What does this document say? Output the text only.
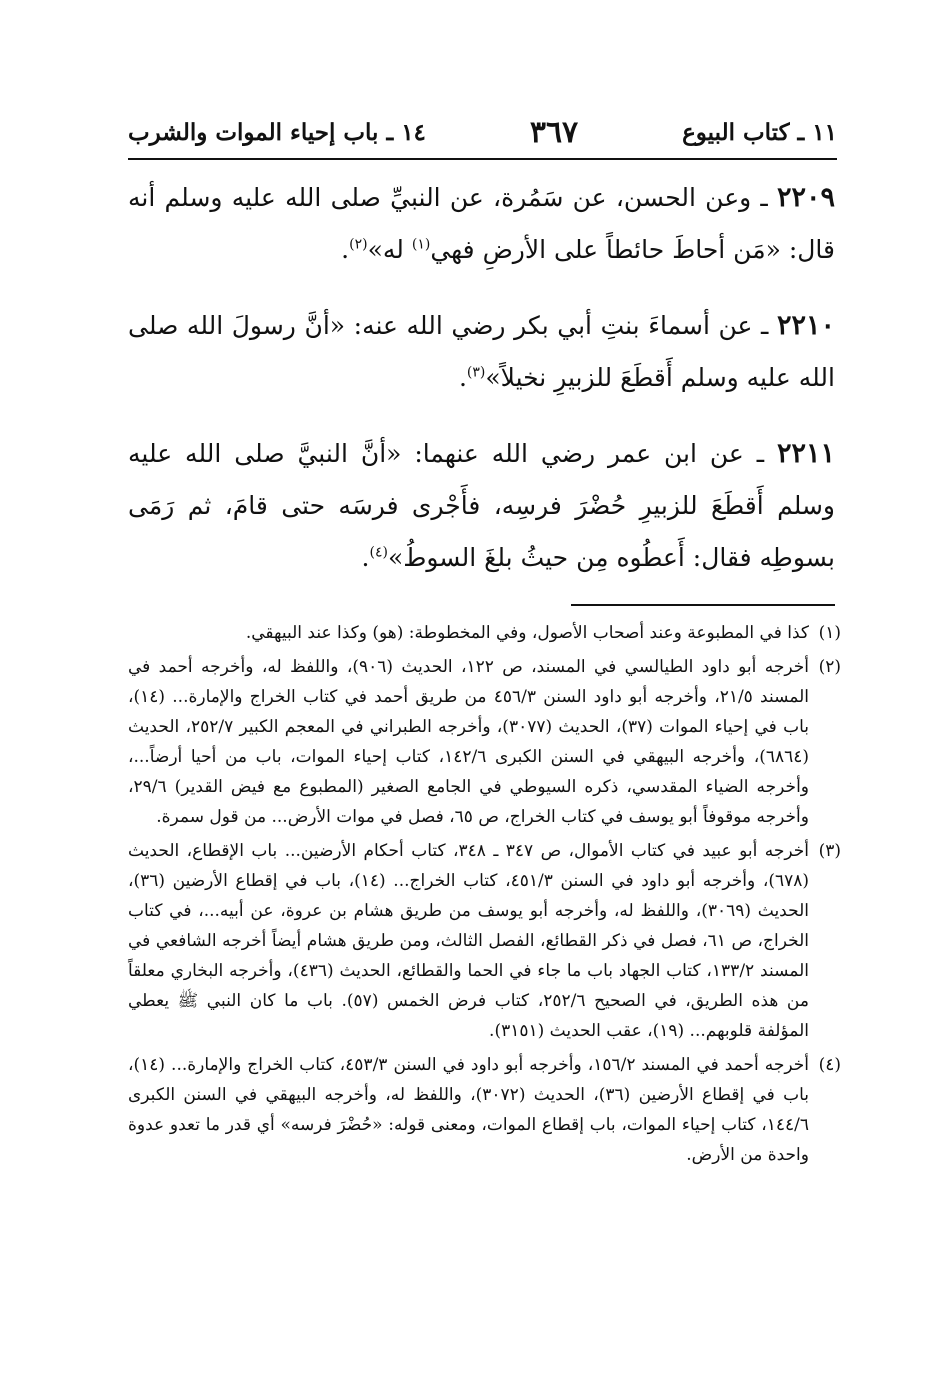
١١ ـ كتاب البيوع
٣٦٧
١٤ ـ باب إحياء الموات والشرب

٢٢٠٩ ـ وعن الحسن، عن سَمُرة، عن النبيِّ صلى الله عليه وسلم أنه قال: «مَن أحاطَ حائطاً على الأرضِ فهي$^{(١)}$ له»$^{(٢)}$.

٢٢١٠ ـ عن أسماءَ بنتِ أبي بكر رضي الله عنه: «أنَّ رسولَ الله صلى الله عليه وسلم أَقطَعَ للزبيرِ نخيلاً»$^{(٣)}$.

٢٢١١ ـ عن ابن عمر رضي الله عنهما: «أنَّ النبيَّ صلى الله عليه وسلم أَقطَعَ للزبيرِ حُضْرَ فرسِه، فأَجْرى فرسَه حتى قامَ، ثم رَمَى بسوطِه فقال: أَعطُوه مِن حيثُ بلغَ السوطُ»$^{(٤)}$.

(١)
كذا في المطبوعة وعند أصحاب الأصول، وفي المخطوطة: (هو) وكذا عند البيهقي.
(٢)
أخرجه أبو داود الطيالسي في المسند، ص ١٢٢، الحديث (٩٠٦)، واللفظ له، وأخرجه أحمد في المسند ٢١/٥، وأخرجه أبو داود السنن ٤٥٦/٣ من طريق أحمد في كتاب الخراج والإمارة... (١٤)، باب في إحياء الموات (٣٧)، الحديث (٣٠٧٧)، وأخرجه الطبراني في المعجم الكبير ٢٥٢/٧، الحديث (٦٨٦٤)، وأخرجه البيهقي في السنن الكبرى ١٤٢/٦، كتاب إحياء الموات، باب من أحيا أرضاً...، وأخرجه الضياء المقدسي، ذكره السيوطي في الجامع الصغير (المطبوع مع فيض القدير) ٢٩/٦، وأخرجه موقوفاً أبو يوسف في كتاب الخراج، ص ٦٥، فصل في موات الأرض... من قول سمرة.
(٣)
أخرجه أبو عبيد في كتاب الأموال، ص ٣٤٧ ـ ٣٤٨، كتاب أحكام الأرضين... باب الإقطاع، الحديث (٦٧٨)، وأخرجه أبو داود في السنن ٤٥١/٣، كتاب الخراج... (١٤)، باب في إقطاع الأرضين (٣٦)، الحديث (٣٠٦٩)، واللفظ له، وأخرجه أبو يوسف من طريق هشام بن عروة، عن أبيه...، في كتاب الخراج، ص ٦١، فصل في ذكر القطائع، الفصل الثالث، ومن طريق هشام أيضاً أخرجه الشافعي في المسند ١٣٣/٢، كتاب الجهاد باب ما جاء في الحما والقطائع، الحديث (٤٣٦)، وأخرجه البخاري معلقاً من هذه الطريق، في الصحيح ٢٥٢/٦، كتاب فرض الخمس (٥٧). باب ما كان النبي ﷺ يعطي المؤلفة قلوبهم... (١٩)، عقب الحديث (٣١٥١).
(٤)
أخرجه أحمد في المسند ١٥٦/٢، وأخرجه أبو داود في السنن ٤٥٣/٣، كتاب الخراج والإمارة... (١٤)، باب في إقطاع الأرضين (٣٦)، الحديث (٣٠٧٢)، واللفظ له، وأخرجه البيهقي في السنن الكبرى ١٤٤/٦، كتاب إحياء الموات، باب إقطاع الموات، ومعنى قوله: «حُضْرَ فرسه» أي قدر ما تعدو عدوة واحدة من الأرض.
